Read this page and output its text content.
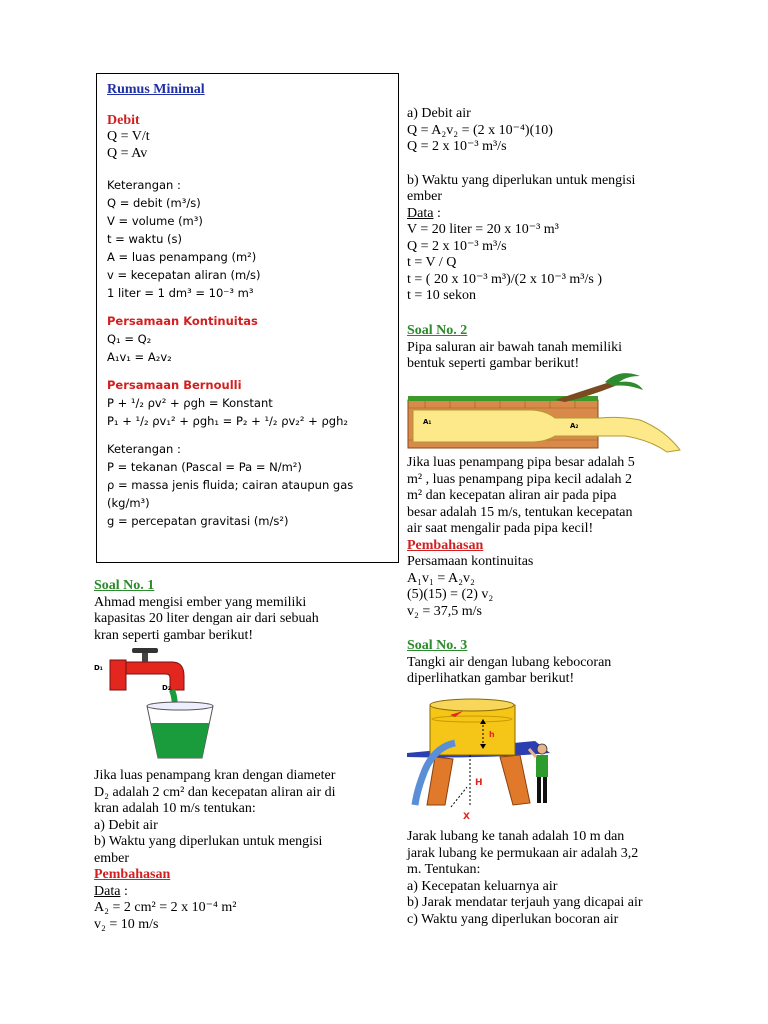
Rumus Minimal
Debit
Q = V/t
Q = Av
Keterangan :
Q = debit (m³/s)
V = volume (m³)
t = waktu (s)
A = luas penampang (m²)
v = kecepatan aliran (m/s)
1 liter = 1 dm³ = 10⁻³ m³
Persamaan Kontinuitas
Q₁ = Q₂
A₁v₁ = A₂v₂
Persamaan Bernoulli
P + ¹/₂ ρv² + ρgh = Konstant
P₁ + ¹/₂ ρv₁² + ρgh₁ = P₂ + ¹/₂ ρv₂² + ρgh₂
Keterangan :
P = tekanan (Pascal = Pa = N/m²)
ρ = massa jenis fluida; cairan ataupun gas
(kg/m³)
g = percepatan gravitasi (m/s²)
Soal No. 1
Ahmad mengisi ember yang memiliki
kapasitas 20 liter dengan air dari sebuah
kran seperti gambar berikut!
D₁
D₂
Jika luas penampang kran dengan diameter
D₂ adalah 2 cm² dan kecepatan aliran air di
kran adalah 10 m/s tentukan:
a) Debit air
b) Waktu yang diperlukan untuk mengisi
ember
Pembahasan
Data :
A₂ = 2 cm² = 2 x 10⁻⁴ m²
v₂ = 10 m/s
a) Debit air
Q = A₂v₂ = (2 x 10⁻⁴)(10)
Q = 2 x 10⁻³ m³/s
b) Waktu yang diperlukan untuk mengisi
ember
Data :
V = 20 liter = 20 x 10⁻³ m³
Q = 2 x 10⁻³ m³/s
t = V / Q
t = ( 20 x 10⁻³ m³)/(2 x 10⁻³ m³/s )
t = 10 sekon
Soal No. 2
Pipa saluran air bawah tanah memiliki
bentuk seperti gambar berikut!
A₁	A₂
Jika luas penampang pipa besar adalah 5
m² , luas penampang pipa kecil adalah 2
m² dan kecepatan aliran air pada pipa
besar adalah 15 m/s, tentukan kecepatan
air saat mengalir pada pipa kecil!
Pembahasan
Persamaan kontinuitas
A₁v₁ = A₂v₂
(5)(15) = (2) v₂
v₂ = 37,5 m/s
Soal No. 3
Tangki air dengan lubang kebocoran
diperlihatkan gambar berikut!
h
H
X
Jarak lubang ke tanah adalah 10 m dan
jarak lubang ke permukaan air adalah 3,2
m. Tentukan:
a) Kecepatan keluarnya air
b) Jarak mendatar terjauh yang dicapai air
c) Waktu yang diperlukan bocoran air
